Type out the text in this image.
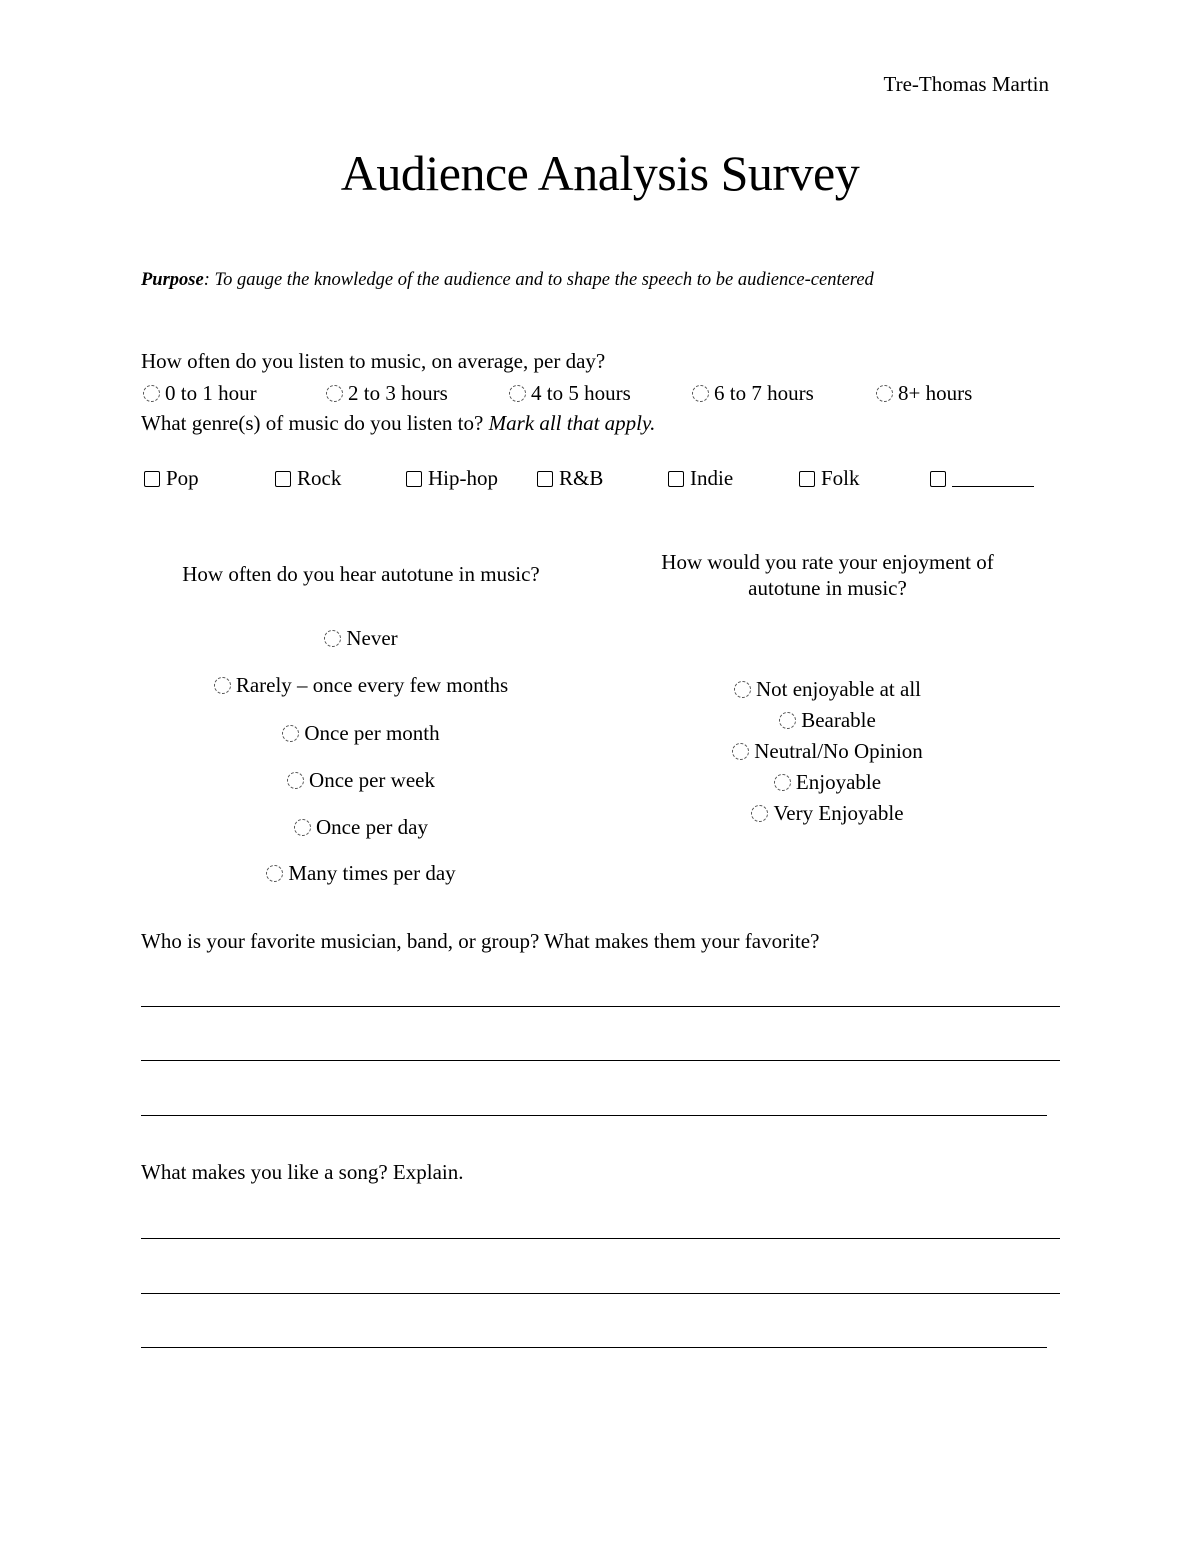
Tre-Thomas Martin
Audience Analysis Survey
Purpose: To gauge the knowledge of the audience and to shape the speech to be audience-centered
How often do you listen to music, on average, per day?
0 to 1 hour	2 to 3 hours	4 to 5 hours	6 to 7 hours	8+ hours
What genre(s) of music do you listen to? Mark all that apply.
Pop	Rock	Hip-hop	R&B	Indie	Folk
How often do you hear autotune in music?
Never
Rarely – once every few months
Once per month
Once per week
Once per day
Many times per day
How would you rate your enjoyment of
autotune in music?
Not enjoyable at all
Bearable
Neutral/No Opinion
Enjoyable
Very Enjoyable
Who is your favorite musician, band, or group? What makes them your favorite?
What makes you like a song? Explain.
